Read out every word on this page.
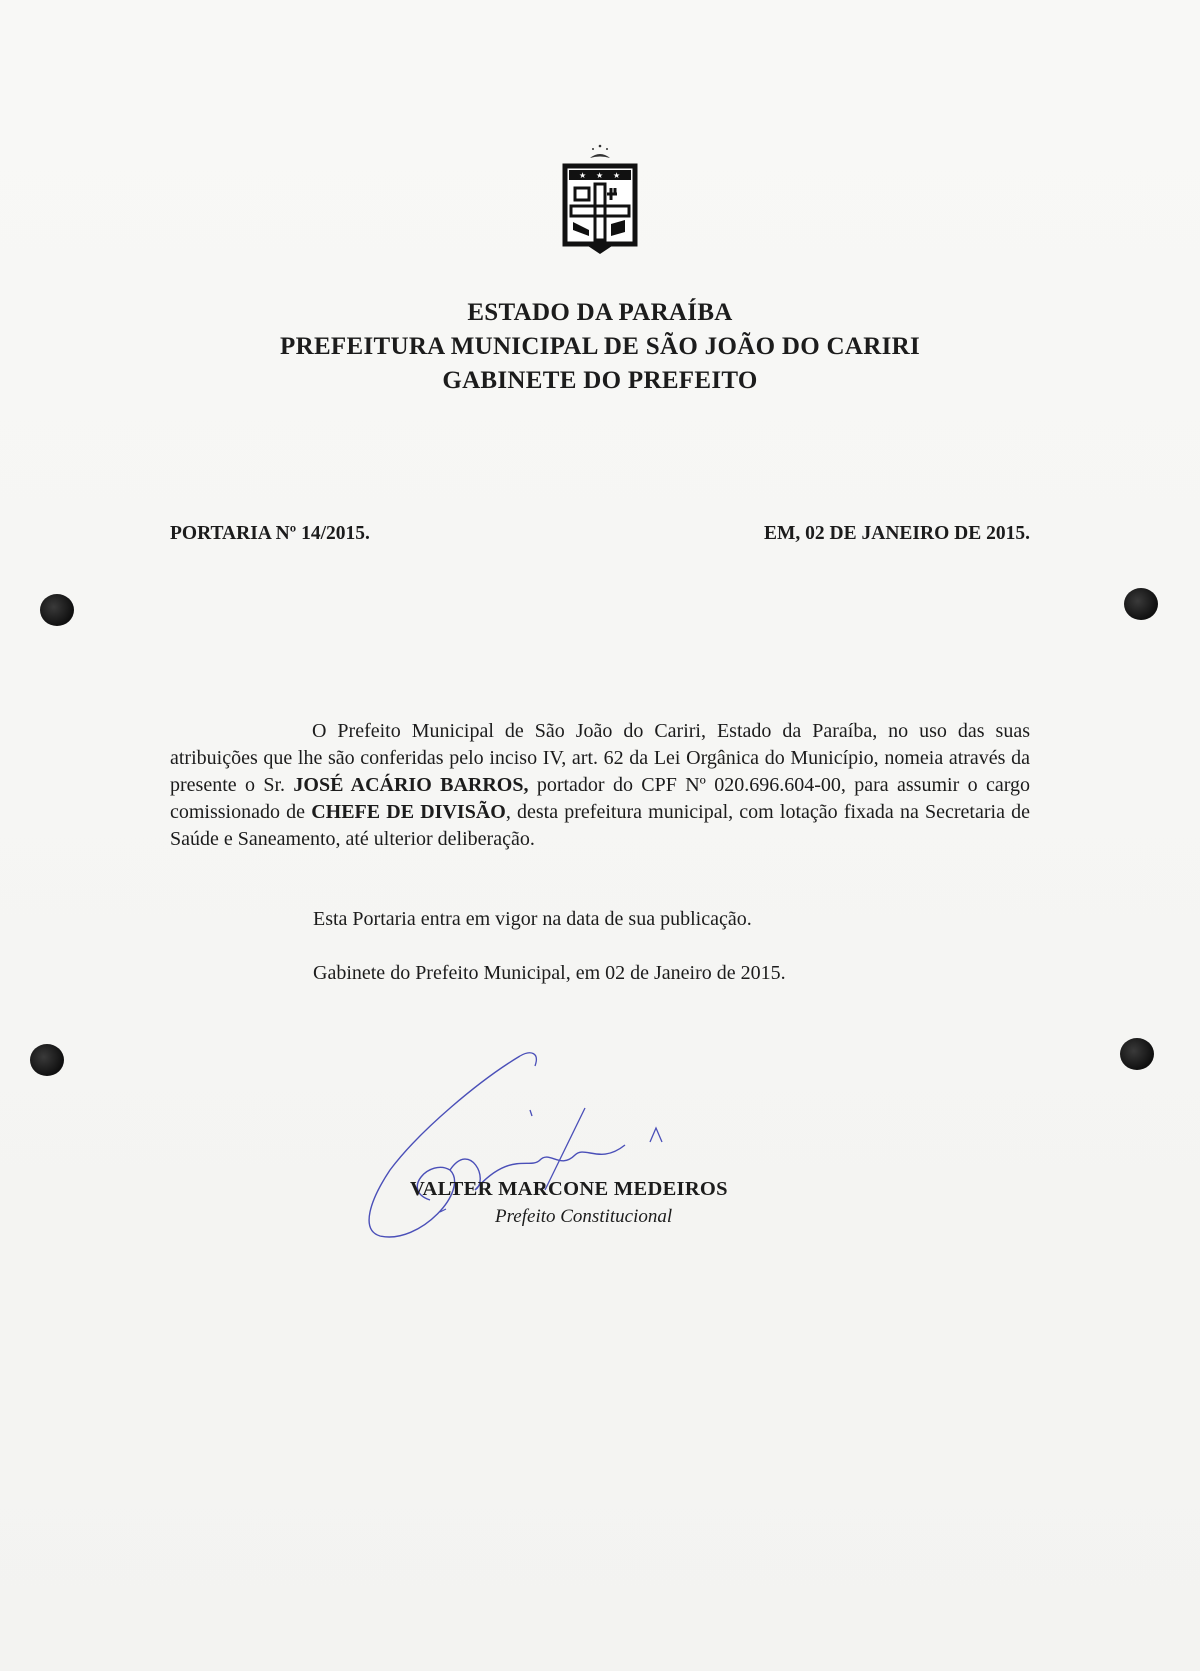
★ ★ ★
ESTADO DA PARAÍBA
PREFEITURA MUNICIPAL DE SÃO JOÃO DO CARIRI
GABINETE DO PREFEITO
PORTARIA Nº 14/2015.	EM, 02 DE JANEIRO DE 2015.

O Prefeito Municipal de São João do Cariri, Estado da Paraíba, no uso das suas atribuições que lhe são conferidas pelo inciso IV, art. 62 da Lei Orgânica do Município, nomeia através da presente o Sr. JOSÉ ACÁRIO BARROS, portador do CPF Nº 020.696.604-00, para assumir o cargo comissionado de CHEFE DE DIVISÃO, desta prefeitura municipal, com lotação fixada na Secretaria de Saúde e Saneamento, até ulterior deliberação.

Esta Portaria entra em vigor na data de sua publicação.
Gabinete do Prefeito Municipal, em 02 de Janeiro de 2015.
VALTER MARCONE MEDEIROS
Prefeito Constitucional
